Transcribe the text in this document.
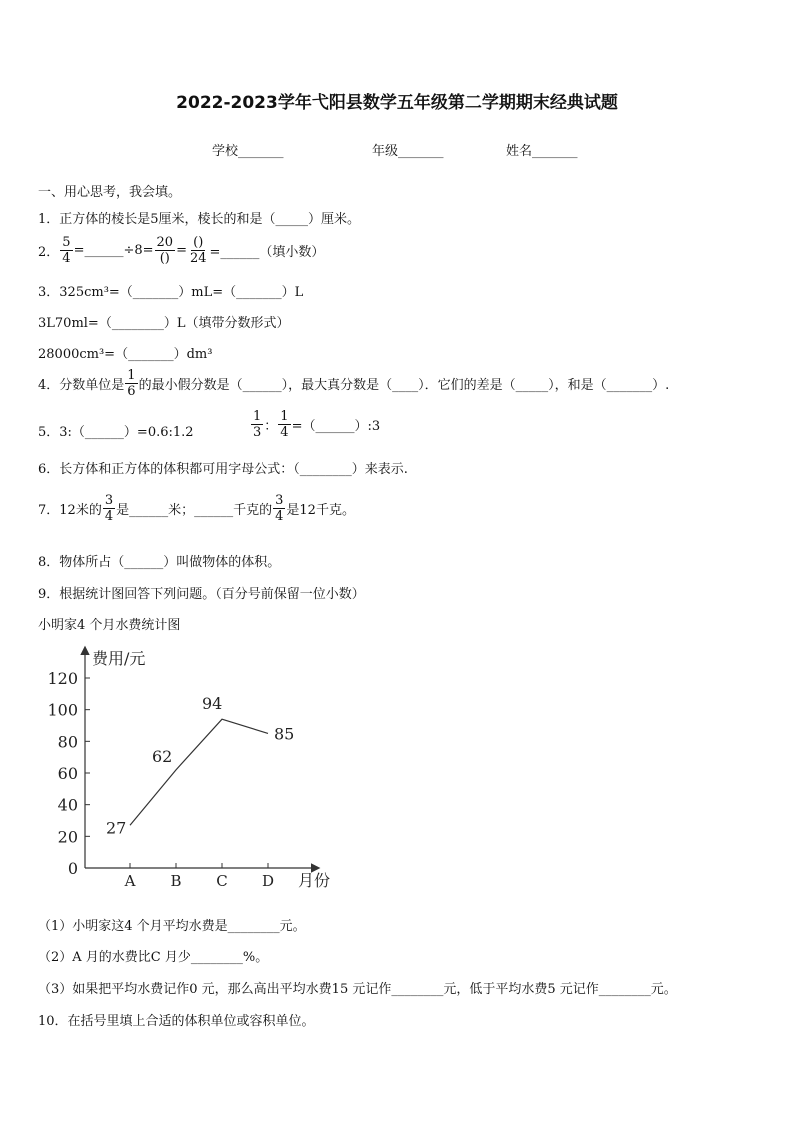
2022-2023学年弋阳县数学五年级第二学期期末经典试题
学校_______	年级_______	姓名_______
一、用心思考，我会填。
1．正方体的棱长是5厘米，棱长的和是（_____）厘米。
2． $\frac{5}{4}$ =______÷8= $\frac{20}{()} = \frac{()}{24}$ =______（填小数）
3．325cm³=（_______）mL=（_______）L
3L70ml=（________）L（填带分数形式）
28000cm³=（_______）dm³
4．分数单位是 $\frac{1}{6}$ 的最小假分数是（______），最大真分数是（____）．它们的差是（_____），和是（_______）.
5．3:（______）=0.6:1.2	$\frac{1}{3}$ ： $\frac{1}{4}$ =（______）:3
6．长方体和正方体的体积都可用字母公式：（________）来表示.
7．12米的 $\frac{3}{4}$ 是______米；______千克的 $\frac{3}{4}$ 是12千克。
8．物体所占（______）叫做物体的体积。
9．根据统计图回答下列问题。（百分号前保留一位小数）
小明家4 个月水费统计图
费用/元
月份
0
20
40
60
80
100
120
A B C D
27
62
94
85
（1）小明家这4 个月平均水费是________元。
（2）A 月的水费比C 月少________%。
（3）如果把平均水费记作0 元，那么高出平均水费15 元记作________元，低于平均水费5 元记作________元。
10．在括号里填上合适的体积单位或容积单位。
